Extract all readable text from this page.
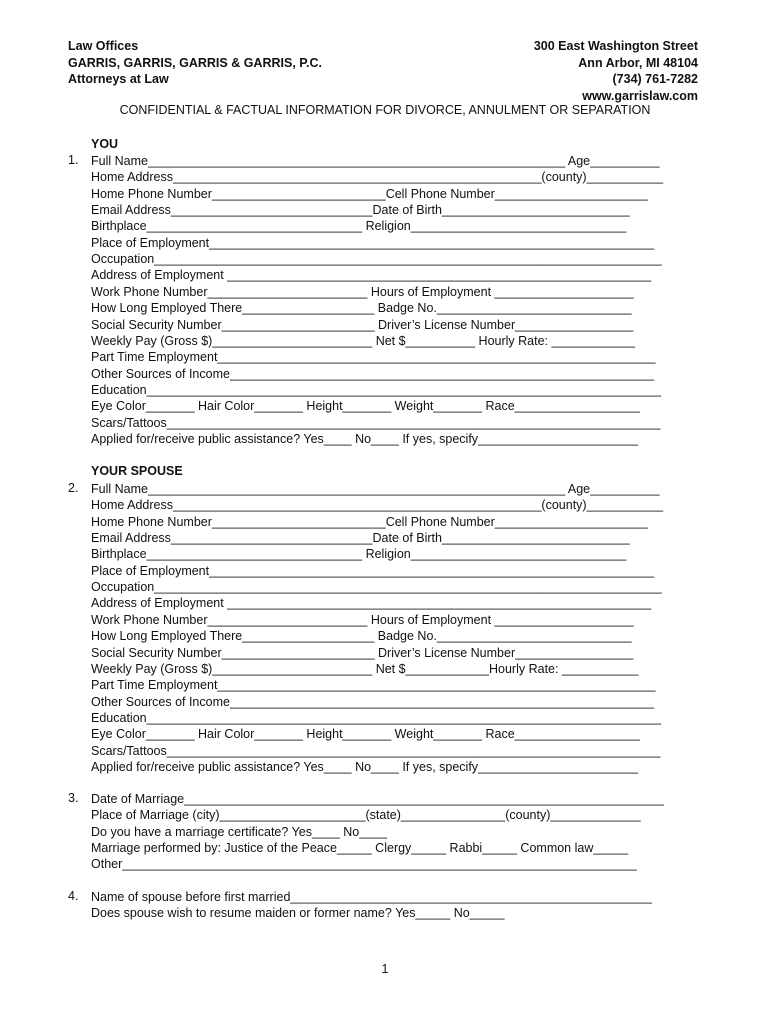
Law Offices
GARRIS, GARRIS, GARRIS & GARRIS, P.C.
Attorneys at Law
300 East Washington Street
Ann Arbor, MI 48104
(734) 761-7282
www.garrislaw.com
CONFIDENTIAL & FACTUAL INFORMATION FOR DIVORCE, ANNULMENT OR SEPARATION
YOU
1. Full Name____________________________________________________________ Age__________
Home Address_____________________________________________________(county)___________
Home Phone Number_________________________Cell Phone Number______________________
Email Address_____________________________Date of Birth___________________________
Birthplace_______________________________ Religion_______________________________
Place of Employment________________________________________________________________
Occupation_________________________________________________________________________
Address of Employment _____________________________________________________________
Work Phone Number_______________________ Hours of Employment ____________________
How Long Employed There___________________ Badge No.____________________________
Social Security Number______________________ Driver’s License Number_________________
Weekly Pay (Gross $)_______________________ Net $__________ Hourly Rate: ____________
Part Time Employment_______________________________________________________________
Other Sources of Income_____________________________________________________________
Education__________________________________________________________________________
Eye Color_______ Hair Color_______ Height_______ Weight_______ Race__________________
Scars/Tattoos_______________________________________________________________________
Applied for/receive public assistance? Yes____ No____ If yes, specify_______________________
YOUR SPOUSE
2. Full Name____________________________________________________________ Age__________
Home Address_____________________________________________________(county)___________
Home Phone Number_________________________Cell Phone Number______________________
Email Address_____________________________Date of Birth___________________________
Birthplace_______________________________ Religion_______________________________
Place of Employment________________________________________________________________
Occupation_________________________________________________________________________
Address of Employment _____________________________________________________________
Work Phone Number_______________________ Hours of Employment ____________________
How Long Employed There___________________ Badge No.____________________________
Social Security Number______________________ Driver’s License Number_________________
Weekly Pay (Gross $)_______________________ Net $____________Hourly Rate: ___________
Part Time Employment_______________________________________________________________
Other Sources of Income_____________________________________________________________
Education__________________________________________________________________________
Eye Color_______ Hair Color_______ Height_______ Weight_______ Race__________________
Scars/Tattoos_______________________________________________________________________
Applied for/receive public assistance? Yes____ No____ If yes, specify_______________________
3. Date of Marriage_____________________________________________________________________
Place of Marriage (city)_____________________(state)_______________(county)_____________
Do you have a marriage certificate? Yes____ No____
Marriage performed by: Justice of the Peace_____ Clergy_____ Rabbi_____ Common law_____
Other__________________________________________________________________________
4. Name of spouse before first married____________________________________________________
Does spouse wish to resume maiden or former name? Yes_____ No_____
1
